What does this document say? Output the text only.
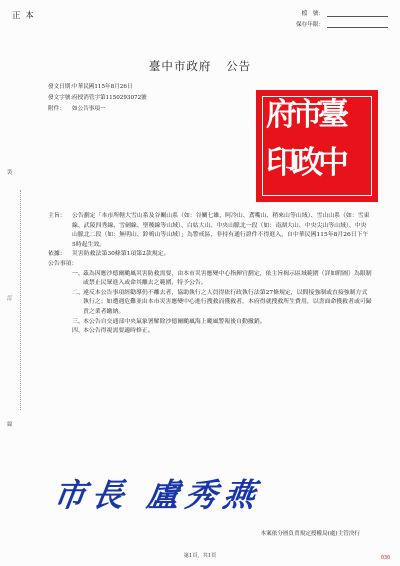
正 本	檔　號：
保存年限：
臺中市政府 公告
發文日期：中華民國115年8月26日
發文字號：府授消管字第1150293072號
附件： 如公告事項一	臺
中
市
政
府
印
裝
訂
線
主旨：	公告劃定「本市所轄大雪山系及谷關山系（如：谷關七雄、阿冷山、鳶嘴山、稍來山等山域）、雪山山系（如：雪東線、武陵四秀線、雪劍線、聖稜線等山域）、白姑大山、中央山脈北一段（如：南湖大山、中央尖山等山域）、中央山脈北二段（如：無明山、鈴鳴山等山域）」為警戒區，非持有通行證件不得進入，自中華民國115年8月26日下午5時起生效。
依據：	災害防救法第30條第1項第2款規定。
公告事項：
一、 茲為因應沙德爾颱風災害防救需要，由本市災害應變中心指揮官劃定，依主旨揭示區域範圍（詳如附圖）為限制或禁止民眾進入或命其離去之範圍，特予公告。
二、 違反本公告事項經勸導仍不離去者，協助執行之人員得依行政執行法第27條規定，以間接強制或直接強制方式執行之；如遭遇危難並由本市災害應變中心進行搜救而獲救者，本府得就搜救所生費用，以書面命獲救者或可歸責之業者繳納。
三、 本公告自交通部中央氣象署解除沙德爾颱風海上颱風警報後自動撤銷。
四、 本公告得視需要適時修正。
市長 盧秀燕
本案依分層負責規定授權局(處)主管決行
第1頁，共1頁	030
